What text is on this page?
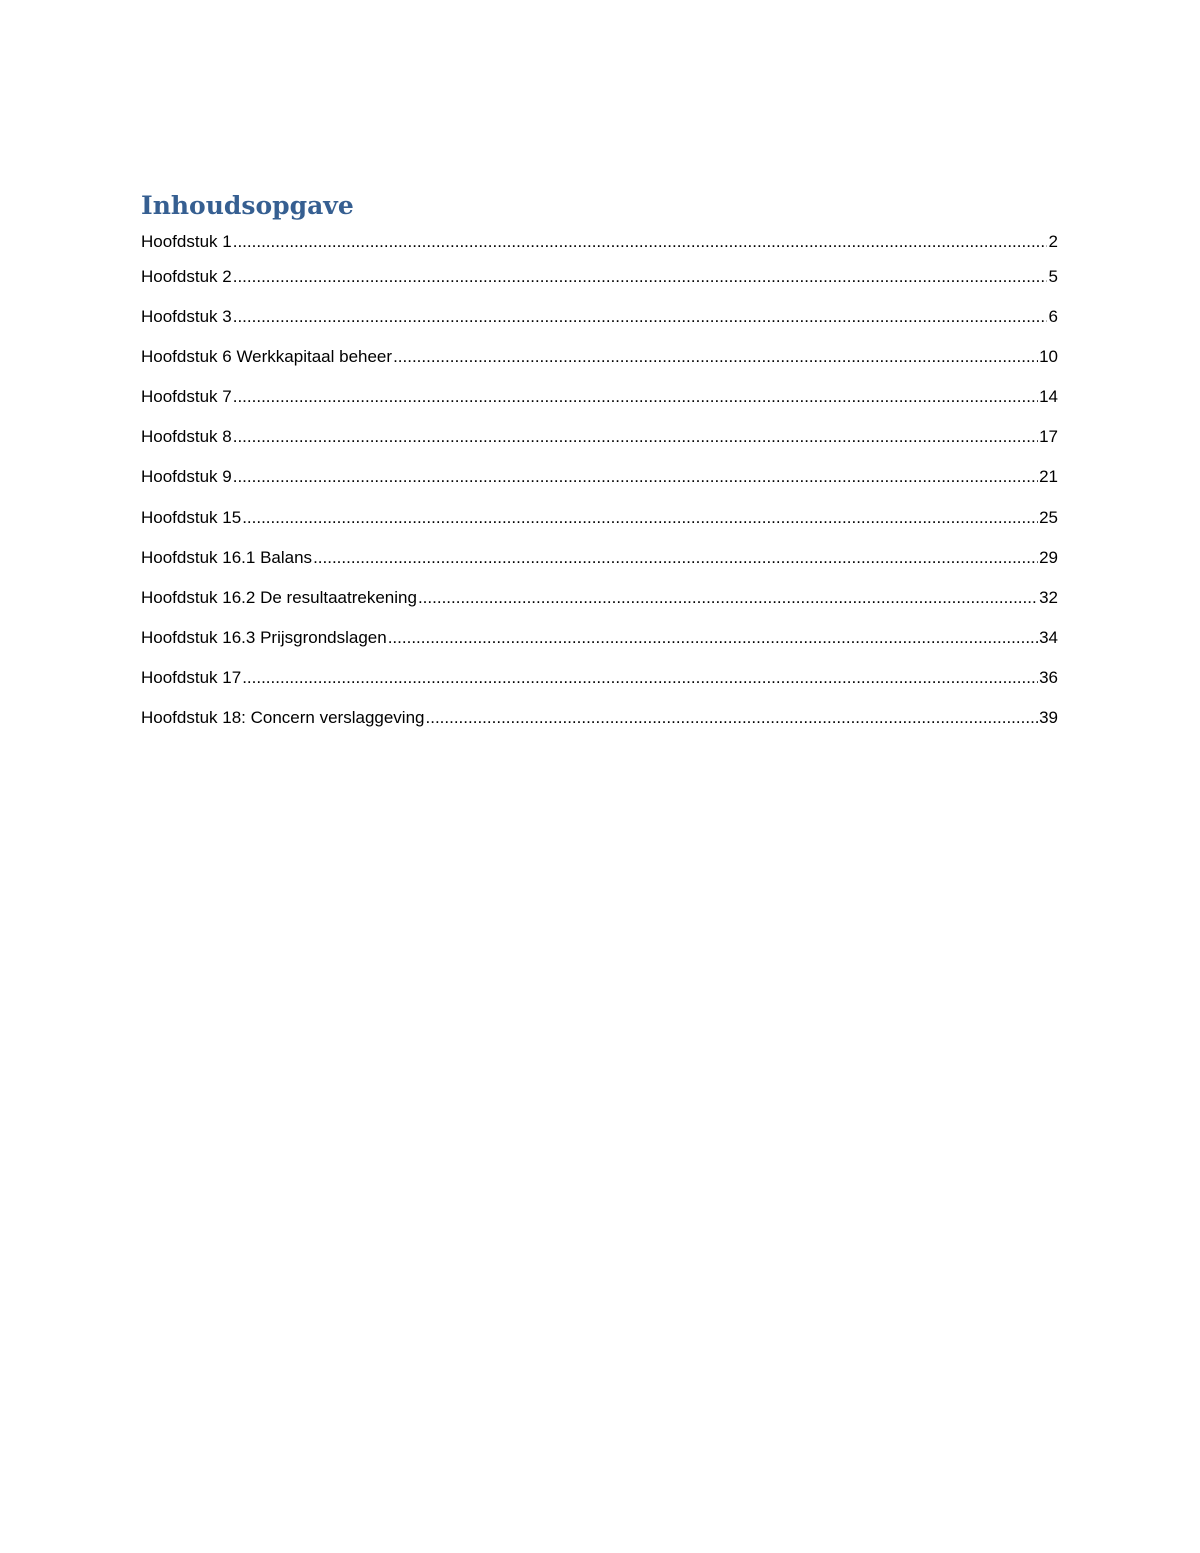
Inhoudsopgave
Hoofdstuk 1 .....	2
Hoofdstuk 2 .....	5
Hoofdstuk 3 .....	6
Hoofdstuk 6 Werkkapitaal beheer .....	10
Hoofdstuk 7 .....	14
Hoofdstuk 8 .....	17
Hoofdstuk 9 .....	21
Hoofdstuk 15 .....	25
Hoofdstuk 16.1 Balans .....	29
Hoofdstuk 16.2 De resultaatrekening .....	32
Hoofdstuk 16.3 Prijsgrondslagen .....	34
Hoofdstuk 17 .....	36
Hoofdstuk 18: Concern verslaggeving .....	39
